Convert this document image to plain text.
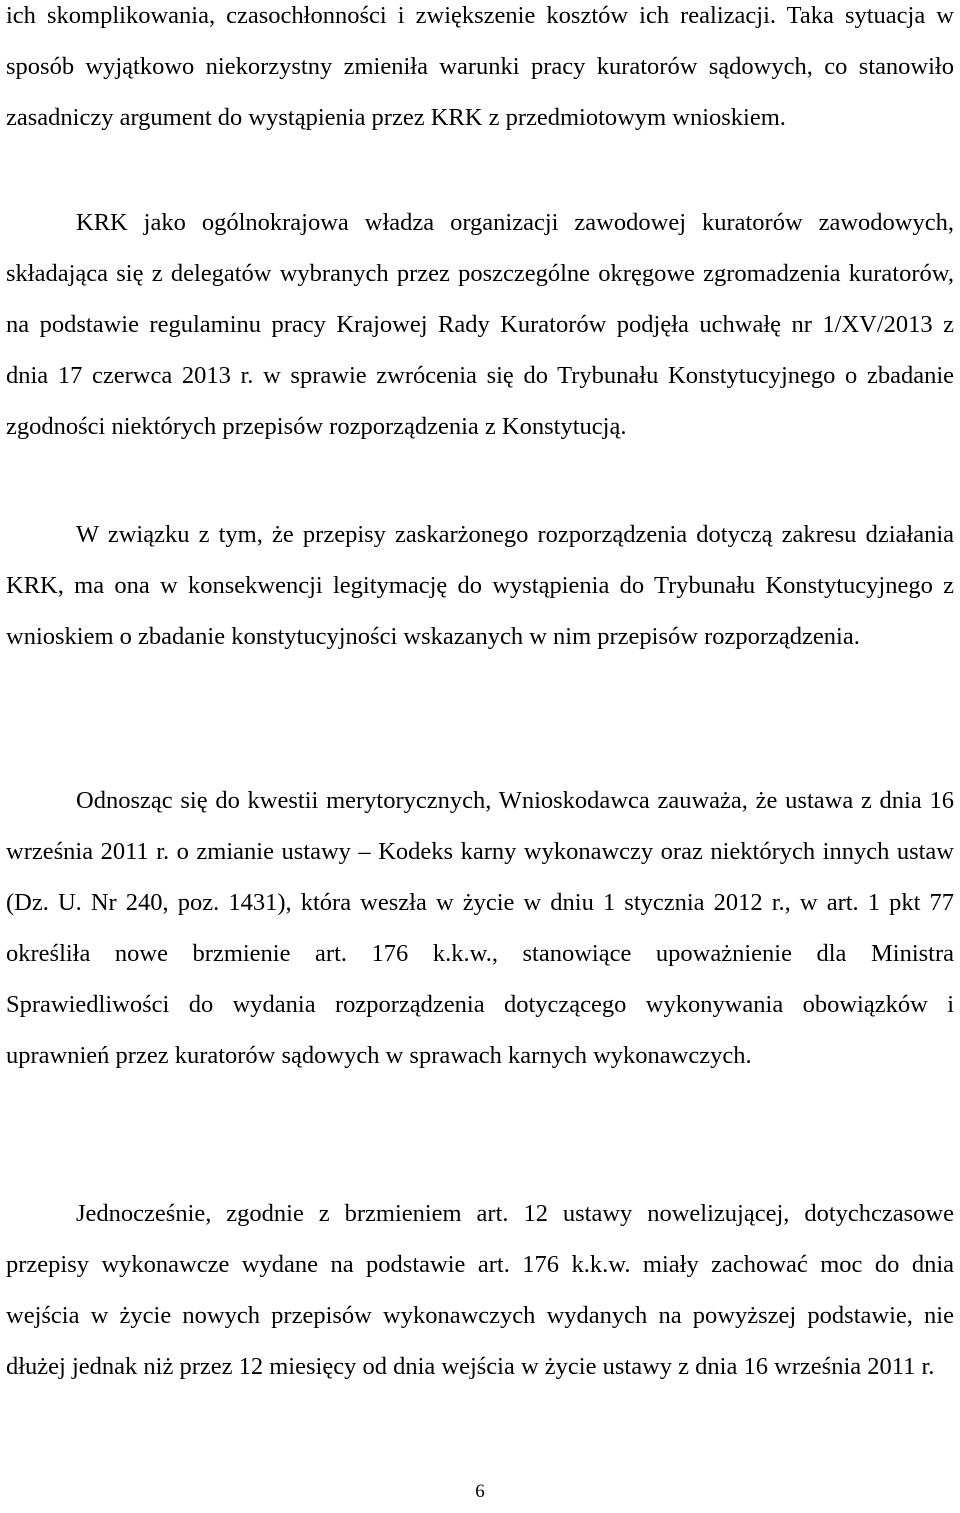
ich skomplikowania, czasochłonności i zwiększenie kosztów ich realizacji. Taka sytuacja w sposób wyjątkowo niekorzystny zmieniła warunki pracy kuratorów sądowych, co stanowiło zasadniczy argument do wystąpienia przez KRK z przedmiotowym wnioskiem.

KRK jako ogólnokrajowa władza organizacji zawodowej kuratorów zawodowych, składająca się z delegatów wybranych przez poszczególne okręgowe zgromadzenia kuratorów, na podstawie regulaminu pracy Krajowej Rady Kuratorów podjęła uchwałę nr 1/XV/2013 z dnia 17 czerwca 2013 r. w sprawie zwrócenia się do Trybunału Konstytucyjnego o zbadanie zgodności niektórych przepisów rozporządzenia z Konstytucją.

W związku z tym, że przepisy zaskarżonego rozporządzenia dotyczą zakresu działania KRK, ma ona w konsekwencji legitymację do wystąpienia do Trybunału Konstytucyjnego z wnioskiem o zbadanie konstytucyjności wskazanych w nim przepisów rozporządzenia.

Odnosząc się do kwestii merytorycznych, Wnioskodawca zauważa, że ustawa z dnia 16 września 2011 r. o zmianie ustawy – Kodeks karny wykonawczy oraz niektórych innych ustaw (Dz. U. Nr 240, poz. 1431), która weszła w życie w dniu 1 stycznia 2012 r., w art. 1 pkt 77 określiła nowe brzmienie art. 176 k.k.w., stanowiące upoważnienie dla Ministra Sprawiedliwości do wydania rozporządzenia dotyczącego wykonywania obowiązków i uprawnień przez kuratorów sądowych w sprawach karnych wykonawczych.

Jednocześnie, zgodnie z brzmieniem art. 12 ustawy nowelizującej, dotychczasowe przepisy wykonawcze wydane na podstawie art. 176 k.k.w. miały zachować moc do dnia wejścia w życie nowych przepisów wykonawczych wydanych na powyższej podstawie, nie dłużej jednak niż przez 12 miesięcy od dnia wejścia w życie ustawy z dnia 16 września 2011 r.

6
